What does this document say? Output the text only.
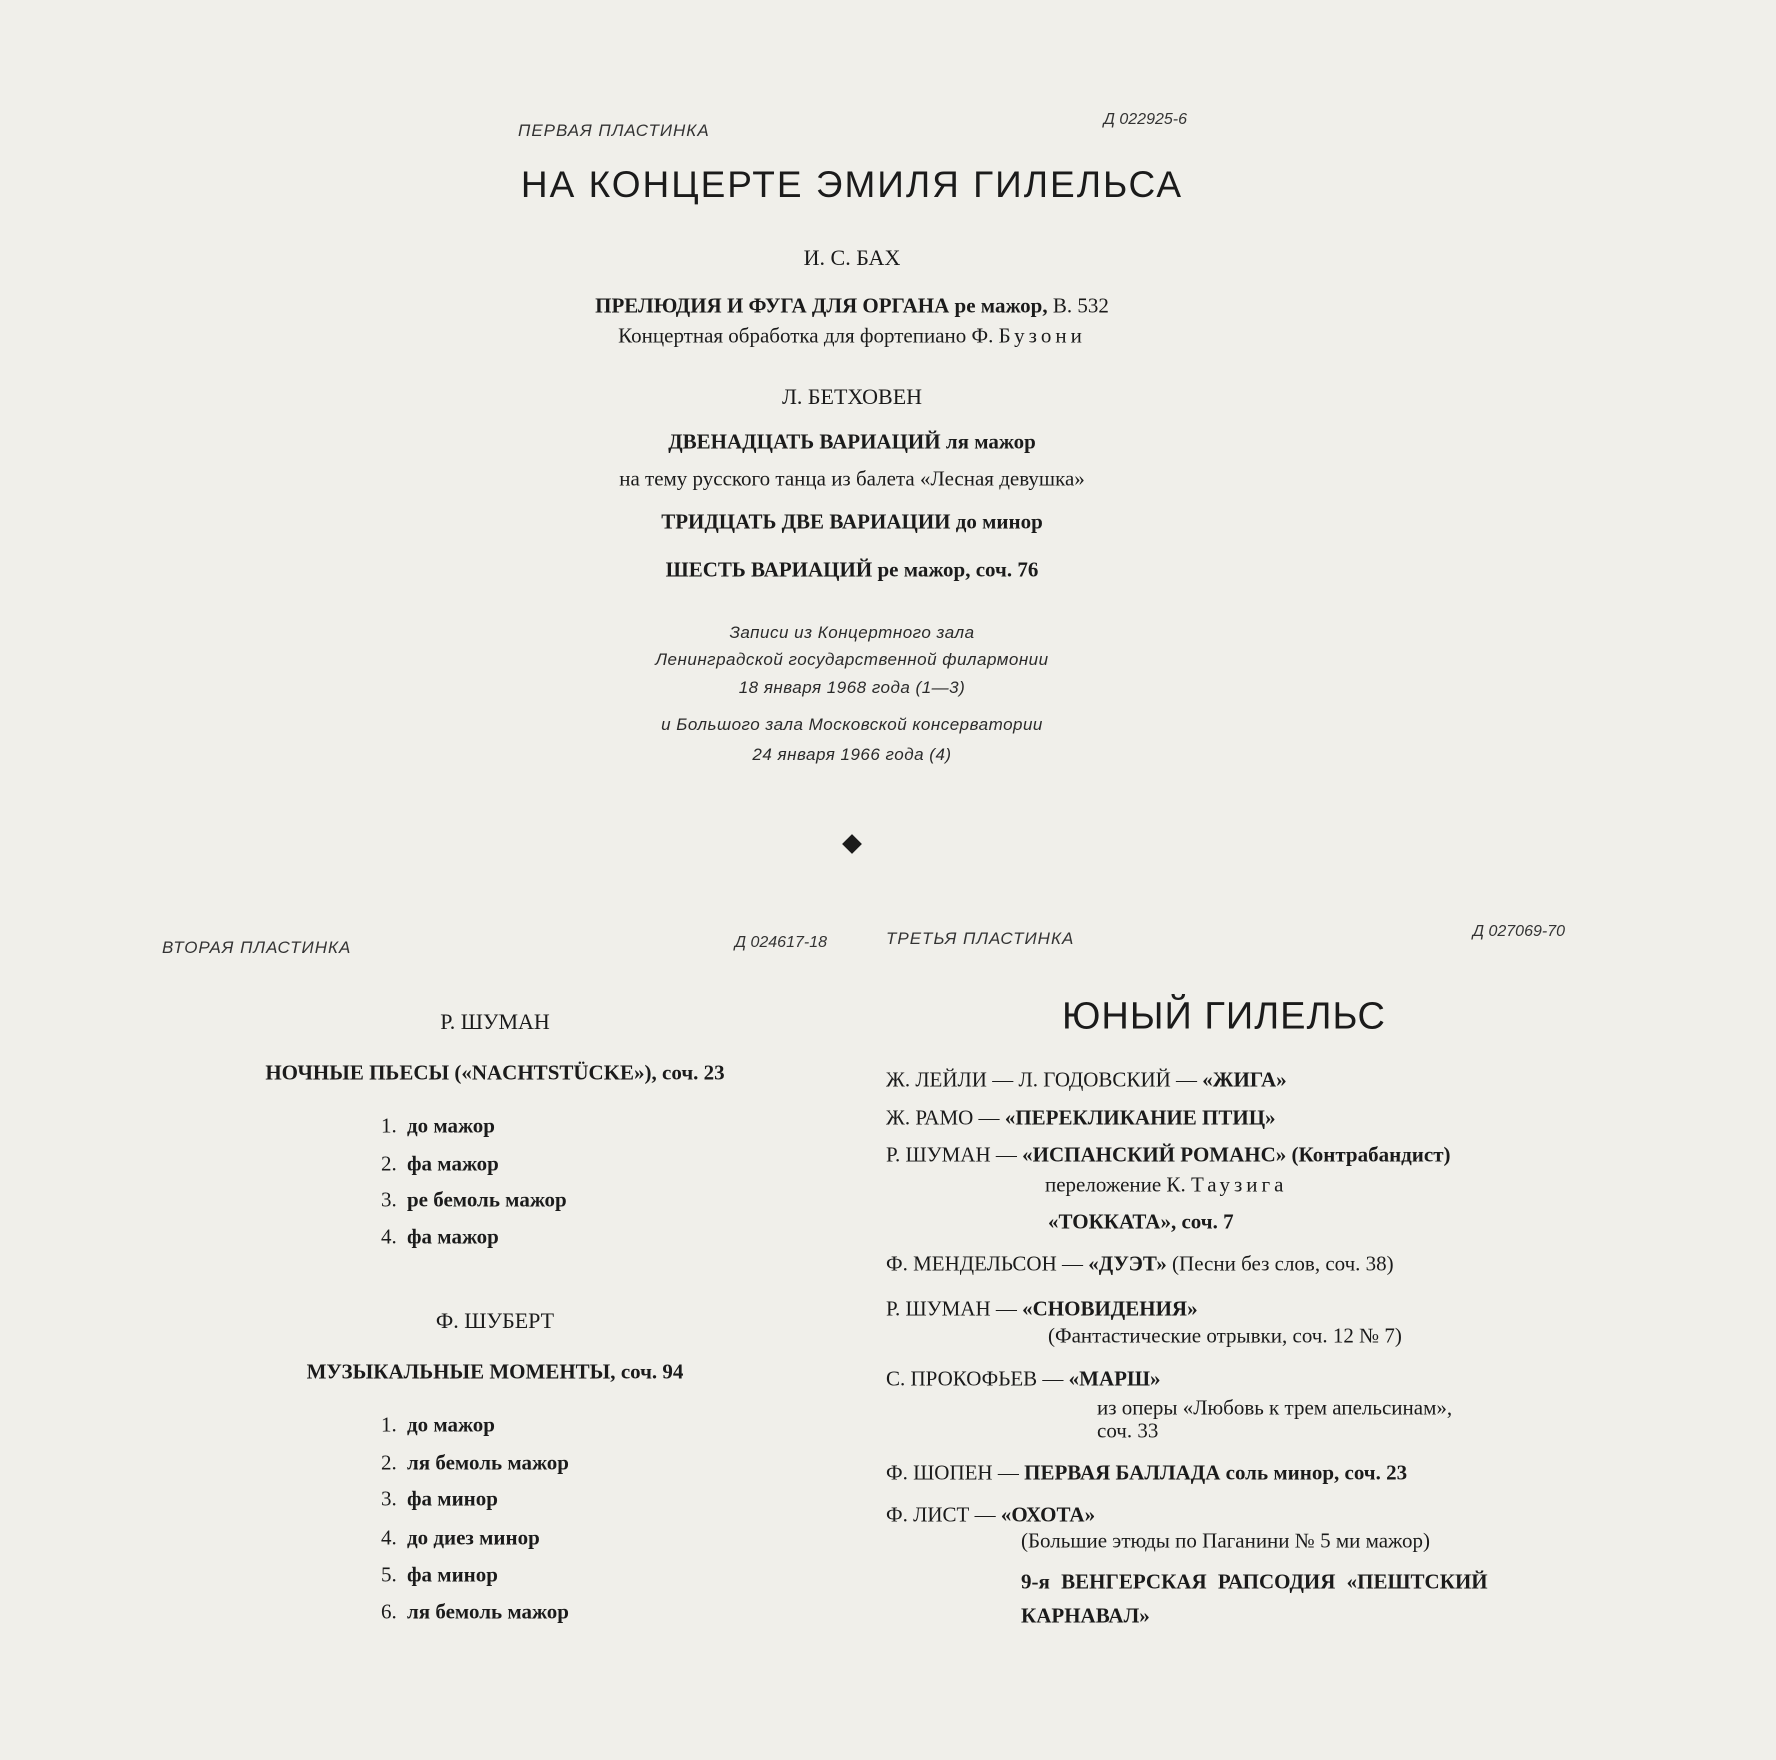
ПЕРВАЯ ПЛАСТИНКА
Д 022925-6
НА КОНЦЕРТЕ ЭМИЛЯ ГИЛЕЛЬСА
И. С. БАХ
ПРЕЛЮДИЯ И ФУГА ДЛЯ ОРГАНА ре мажор, В. 532
Концертная обработка для фортепиано Ф. Бузони
Л. БЕТХОВЕН
ДВЕНАДЦАТЬ ВАРИАЦИЙ ля мажор
на тему русского танца из балета «Лесная девушка»
ТРИДЦАТЬ ДВЕ ВАРИАЦИИ до минор
ШЕСТЬ ВАРИАЦИЙ ре мажор, соч. 76
Записи из Концертного зала
Ленинградской государственной филармонии
18 января 1968 года (1—3)
и Большого зала Московской консерватории
24 января 1966 года (4)
ВТОРАЯ ПЛАСТИНКА	Д 024617-18
Р. ШУМАН
НОЧНЫЕ ПЬЕСЫ («NACHTSTÜCKE»), соч. 23
1. до мажор
2. фа мажор
3. ре бемоль мажор
4. фа мажор
Ф. ШУБЕРТ
МУЗЫКАЛЬНЫЕ МОМЕНТЫ, соч. 94
1. до мажор
2. ля бемоль мажор
3. фа минор
4. до диез минор
5. фа минор
6. ля бемоль мажор
ТРЕТЬЯ ПЛАСТИНКА	Д 027069-70
ЮНЫЙ ГИЛЕЛЬС
Ж. ЛЕЙЛИ — Л. ГОДОВСКИЙ — «ЖИГА»
Ж. РАМО — «ПЕРЕКЛИКАНИЕ ПТИЦ»
Р. ШУМАН — «ИСПАНСКИЙ РОМАНС» (Контрабандист)
переложение К. Таузига
«ТОККАТА», соч. 7
Ф. МЕНДЕЛЬСОН — «ДУЭТ» (Песни без слов, соч. 38)
Р. ШУМАН — «СНОВИДЕНИЯ»
(Фантастические отрывки, соч. 12 № 7)
С. ПРОКОФЬЕВ — «МАРШ»
из оперы «Любовь к трем апельсинам»,
соч. 33
Ф. ШОПЕН — ПЕРВАЯ БАЛЛАДА соль минор, соч. 23
Ф. ЛИСТ — «ОХОТА»
(Большие этюды по Паганини № 5 ми мажор)
9-я ВЕНГЕРСКАЯ РАПСОДИЯ «ПЕШТСКИЙ
КАРНАВАЛ»
